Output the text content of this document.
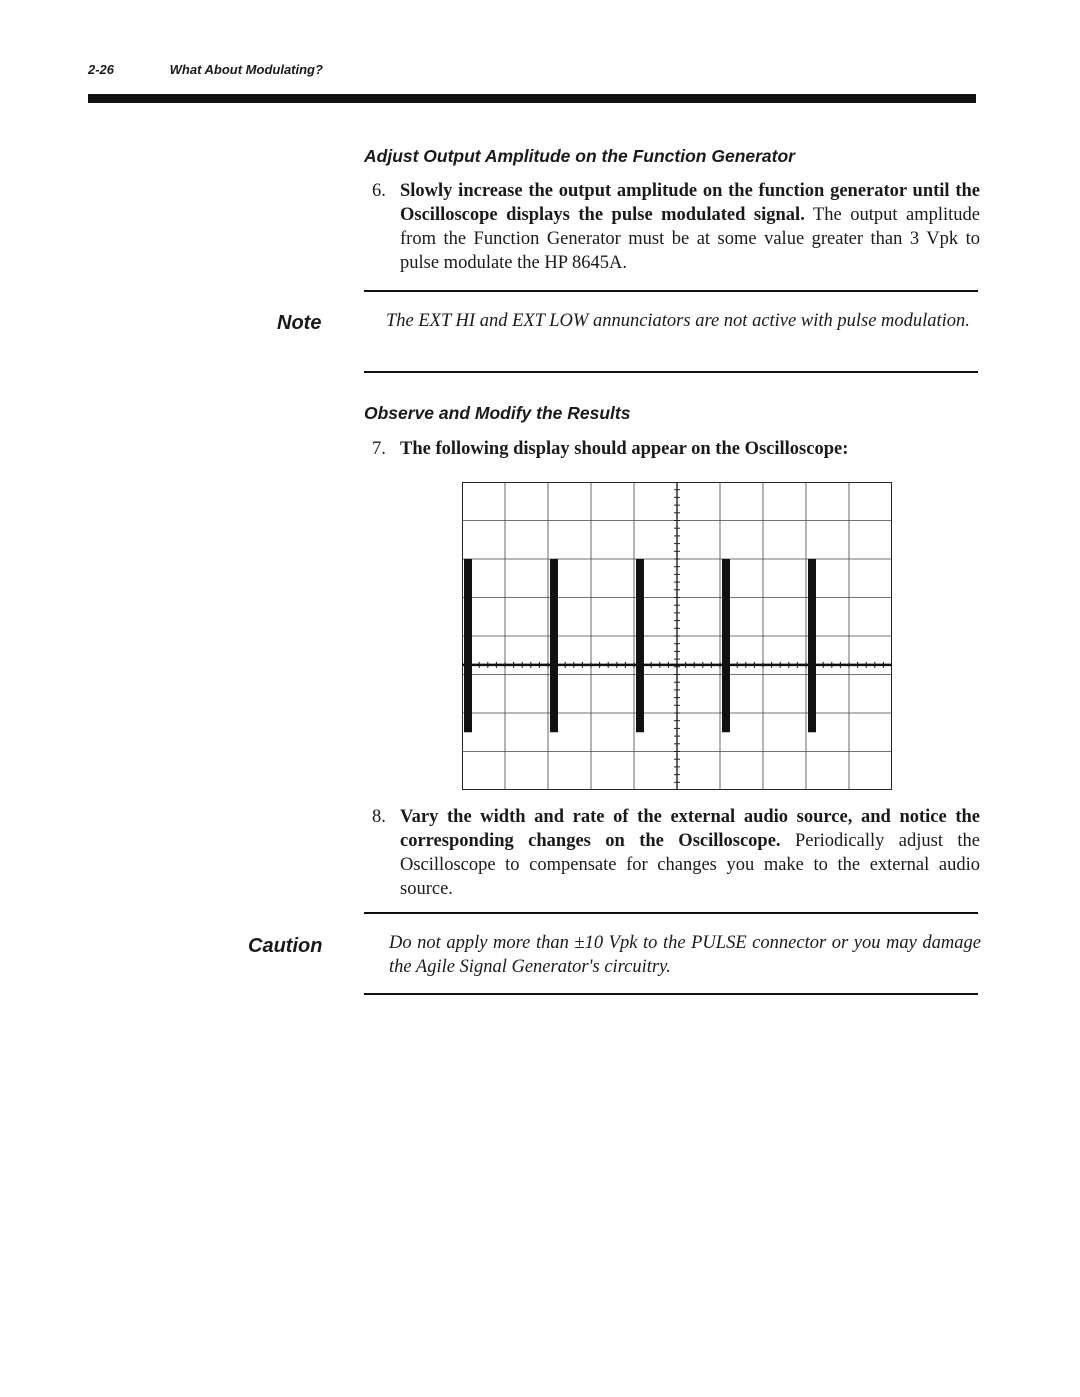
2-26	What About Modulating?
Adjust Output Amplitude on the Function Generator
6. Slowly increase the output amplitude on the function generator until the Oscilloscope displays the pulse modulated signal. The output amplitude from the Function Generator must be at some value greater than 3 Vpk to pulse modulate the HP 8645A.
Note	The EXT HI and EXT LOW annunciators are not active with pulse modulation.
Observe and Modify the Results
7. The following display should appear on the Oscilloscope:
8. Vary the width and rate of the external audio source, and notice the corresponding changes on the Oscilloscope. Periodically adjust the Oscilloscope to compensate for changes you make to the external audio source.
Caution	Do not apply more than ±10 Vpk to the PULSE connector or you may damage the Agile Signal Generator's circuitry.
